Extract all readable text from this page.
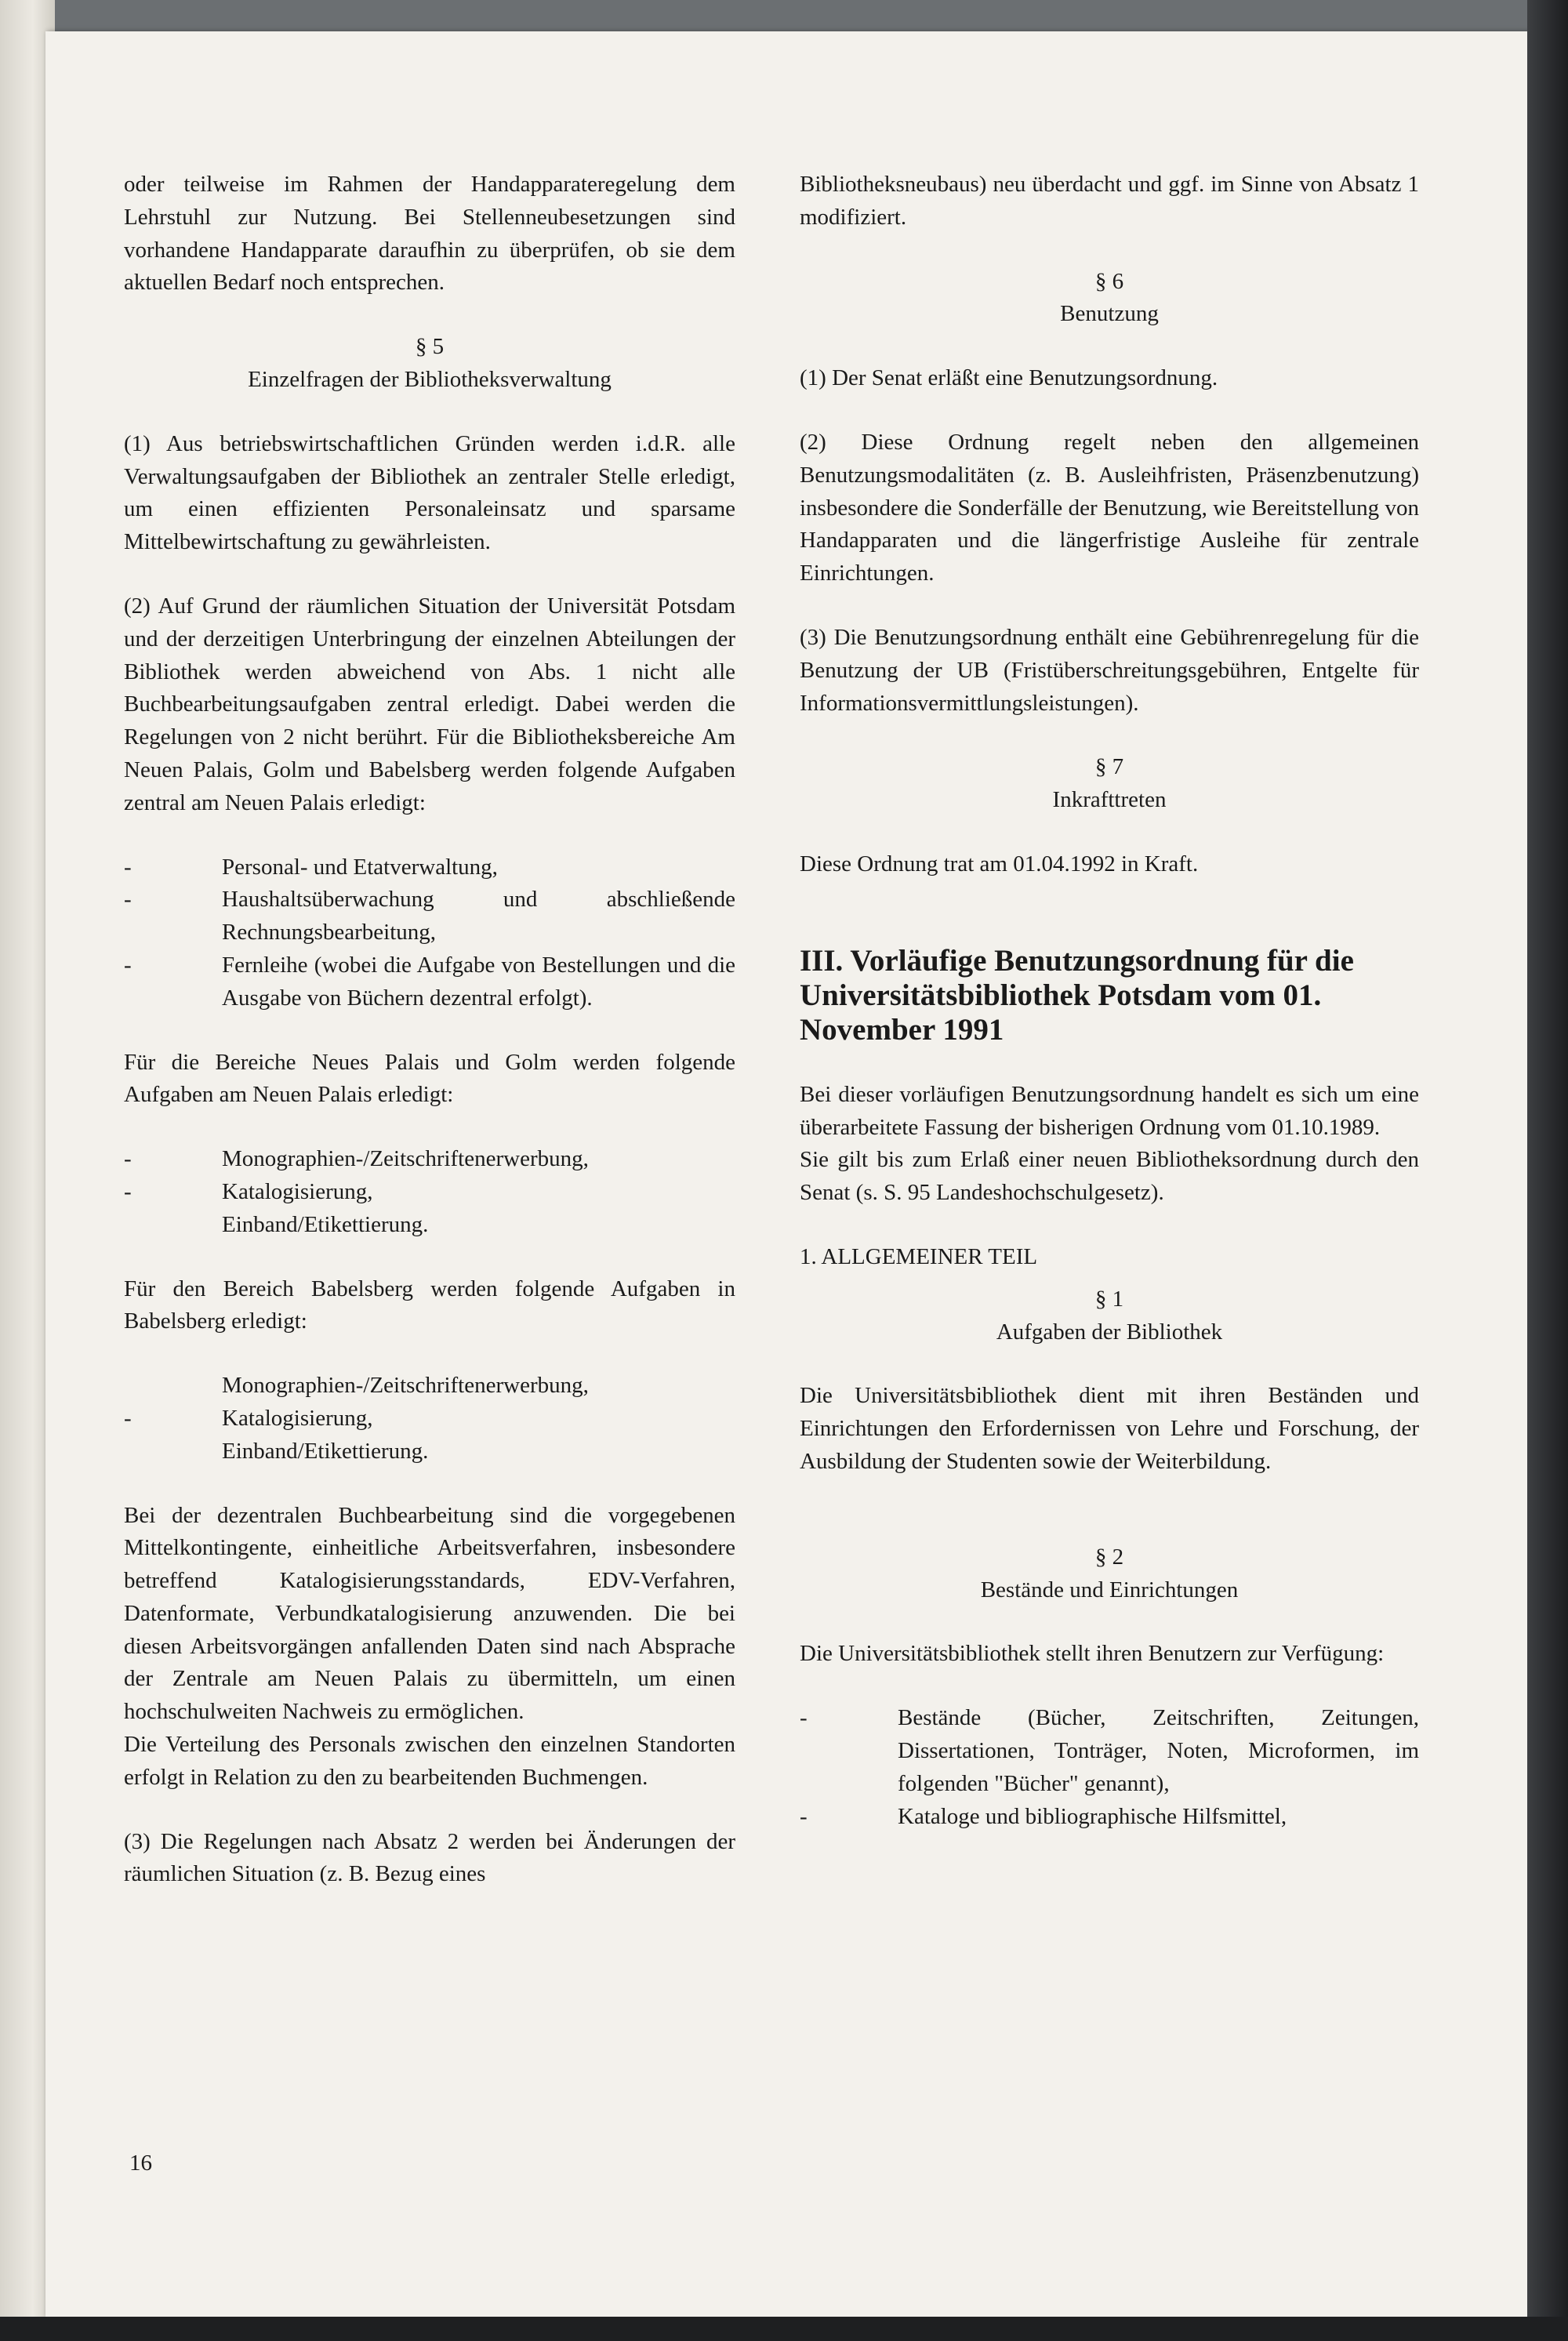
oder teilweise im Rahmen der Handapparateregelung dem Lehrstuhl zur Nutzung. Bei Stellenneubesetzungen sind vorhandene Handapparate daraufhin zu überprüfen, ob sie dem aktuellen Bedarf noch entsprechen.

§ 5
Einzelfragen der Bibliotheksverwaltung

(1) Aus betriebswirtschaftlichen Gründen werden i.d.R. alle Verwaltungsaufgaben der Bibliothek an zentraler Stelle erledigt, um einen effizienten Personaleinsatz und sparsame Mittelbewirtschaftung zu gewährleisten.

(2) Auf Grund der räumlichen Situation der Universität Potsdam und der derzeitigen Unterbringung der einzelnen Abteilungen der Bibliothek werden abweichend von Abs. 1 nicht alle Buchbearbeitungsaufgaben zentral erledigt. Dabei werden die Regelungen von 2 nicht berührt. Für die Bibliotheksbereiche Am Neuen Palais, Golm und Babelsberg werden folgende Aufgaben zentral am Neuen Palais erledigt:

-	Personal- und Etatverwaltung,
-	Haushaltsüberwachung und abschließende Rechnungsbearbeitung,
-	Fernleihe (wobei die Aufgabe von Bestellungen und die Ausgabe von Büchern dezentral erfolgt).

Für die Bereiche Neues Palais und Golm werden folgende Aufgaben am Neuen Palais erledigt:

-	Monographien-/Zeitschriftenerwerbung,
-	Katalogisierung,
Einband/Etikettierung.

Für den Bereich Babelsberg werden folgende Aufgaben in Babelsberg erledigt:

Monographien-/Zeitschriftenerwerbung,
-	Katalogisierung,
Einband/Etikettierung.

Bei der dezentralen Buchbearbeitung sind die vorgegebenen Mittelkontingente, einheitliche Arbeitsverfahren, insbesondere betreffend Katalogisierungsstandards, EDV-Verfahren, Datenformate, Verbundkatalogisierung anzuwenden. Die bei diesen Arbeitsvorgängen anfallenden Daten sind nach Absprache der Zentrale am Neuen Palais zu übermitteln, um einen hochschulweiten Nachweis zu ermöglichen.

Die Verteilung des Personals zwischen den einzelnen Standorten erfolgt in Relation zu den zu bearbeitenden Buchmengen.

(3) Die Regelungen nach Absatz 2 werden bei Änderungen der räumlichen Situation (z. B. Bezug eines

Bibliotheksneubaus) neu überdacht und ggf. im Sinne von Absatz 1 modifiziert.

§ 6
Benutzung

(1) Der Senat erläßt eine Benutzungsordnung.

(2) Diese Ordnung regelt neben den allgemeinen Benutzungsmodalitäten (z. B. Ausleihfristen, Präsenzbenutzung) insbesondere die Sonderfälle der Benutzung, wie Bereitstellung von Handapparaten und die längerfristige Ausleihe für zentrale Einrichtungen.

(3) Die Benutzungsordnung enthält eine Gebührenregelung für die Benutzung der UB (Fristüberschreitungsgebühren, Entgelte für Informationsvermittlungsleistungen).

§ 7
Inkrafttreten

Diese Ordnung trat am 01.04.1992 in Kraft.

III. Vorläufige Benutzungsordnung für die Universitätsbibliothek Potsdam vom 01. November 1991

Bei dieser vorläufigen Benutzungsordnung handelt es sich um eine überarbeitete Fassung der bisherigen Ordnung vom 01.10.1989.

Sie gilt bis zum Erlaß einer neuen Bibliotheksordnung durch den Senat (s. S. 95 Landeshochschulgesetz).

1. ALLGEMEINER TEIL
§ 1
Aufgaben der Bibliothek

Die Universitätsbibliothek dient mit ihren Beständen und Einrichtungen den Erfordernissen von Lehre und Forschung, der Ausbildung der Studenten sowie der Weiterbildung.

§ 2
Bestände und Einrichtungen

Die Universitätsbibliothek stellt ihren Benutzern zur Verfügung:

-	Bestände (Bücher, Zeitschriften, Zeitungen, Dissertationen, Tonträger, Noten, Microformen, im folgenden "Bücher" genannt),
-	Kataloge und bibliographische Hilfsmittel,
16
